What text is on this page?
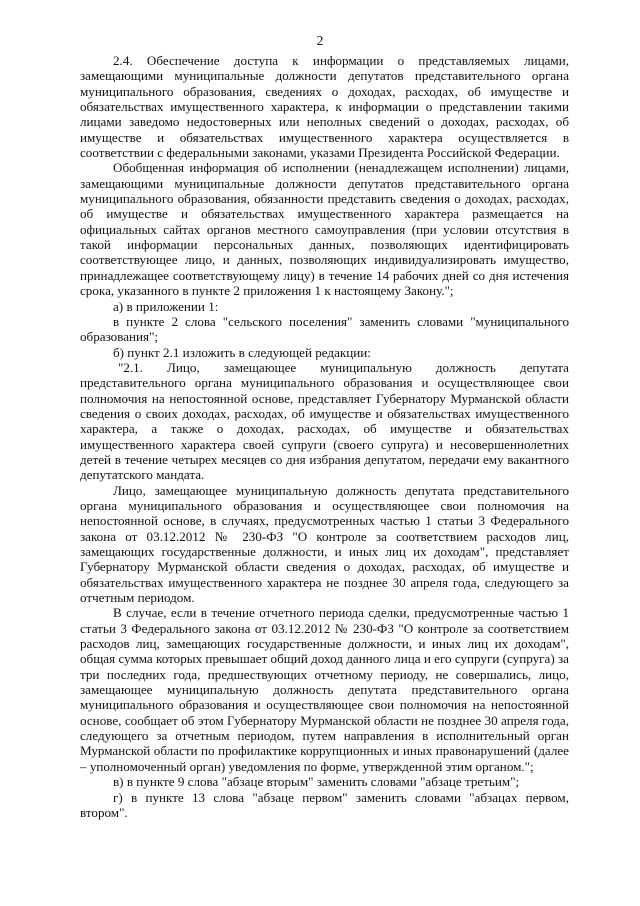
2

2.4. Обеспечение доступа к информации о представляемых лицами, замещающими муниципальные должности депутатов представительного органа муниципального образования, сведениях о доходах, расходах, об имуществе и обязательствах имущественного характера, к информации о представлении такими лицами заведомо недостоверных или неполных сведений о доходах, расходах, об имуществе и обязательствах имущественного характера осуществляется в соответствии с федеральными законами, указами Президента Российской Федерации.

Обобщенная информация об исполнении (ненадлежащем исполнении) лицами, замещающими муниципальные должности депутатов представительного органа муниципального образования, обязанности представить сведения о доходах, расходах, об имуществе и обязательствах имущественного характера размещается на официальных сайтах органов местного самоуправления (при условии отсутствия в такой информации персональных данных, позволяющих идентифицировать соответствующее лицо, и данных, позволяющих индивидуализировать имущество, принадлежащее соответствующему лицу) в течение 14 рабочих дней со дня истечения срока, указанного в пункте 2 приложения 1 к настоящему Закону.";

а) в приложении 1:

в пункте 2 слова "сельского поселения" заменить словами "муниципального образования";

б) пункт 2.1 изложить в следующей редакции:

"2.1. Лицо, замещающее муниципальную должность депутата представительного органа муниципального образования и осуществляющее свои полномочия на непостоянной основе, представляет Губернатору Мурманской области сведения о своих доходах, расходах, об имуществе и обязательствах имущественного характера, а также о доходах, расходах, об имуществе и обязательствах имущественного характера своей супруги (своего супруга) и несовершеннолетних детей в течение четырех месяцев со дня избрания депутатом, передачи ему вакантного депутатского мандата.

Лицо, замещающее муниципальную должность депутата представительного органа муниципального образования и осуществляющее свои полномочия на непостоянной основе, в случаях, предусмотренных частью 1 статьи 3 Федерального закона от 03.12.2012 № 230-ФЗ "О контроле за соответствием расходов лиц, замещающих государственные должности, и иных лиц их доходам", представляет Губернатору Мурманской области сведения о доходах, расходах, об имуществе и обязательствах имущественного характера не позднее 30 апреля года, следующего за отчетным периодом.

В случае, если в течение отчетного периода сделки, предусмотренные частью 1 статьи 3 Федерального закона от 03.12.2012 № 230-ФЗ "О контроле за соответствием расходов лиц, замещающих государственные должности, и иных лиц их доходам", общая сумма которых превышает общий доход данного лица и его супруги (супруга) за три последних года, предшествующих отчетному периоду, не совершались, лицо, замещающее муниципальную должность депутата представительного органа муниципального образования и осуществляющее свои полномочия на непостоянной основе, сообщает об этом Губернатору Мурманской области не позднее 30 апреля года, следующего за отчетным периодом, путем направления в исполнительный орган Мурманской области по профилактике коррупционных и иных правонарушений (далее – уполномоченный орган) уведомления по форме, утвержденной этим органом.";

в) в пункте 9 слова "абзаце вторым" заменить словами "абзаце третьим";

г) в пункте 13 слова "абзаце первом" заменить словами "абзацах первом, втором".
